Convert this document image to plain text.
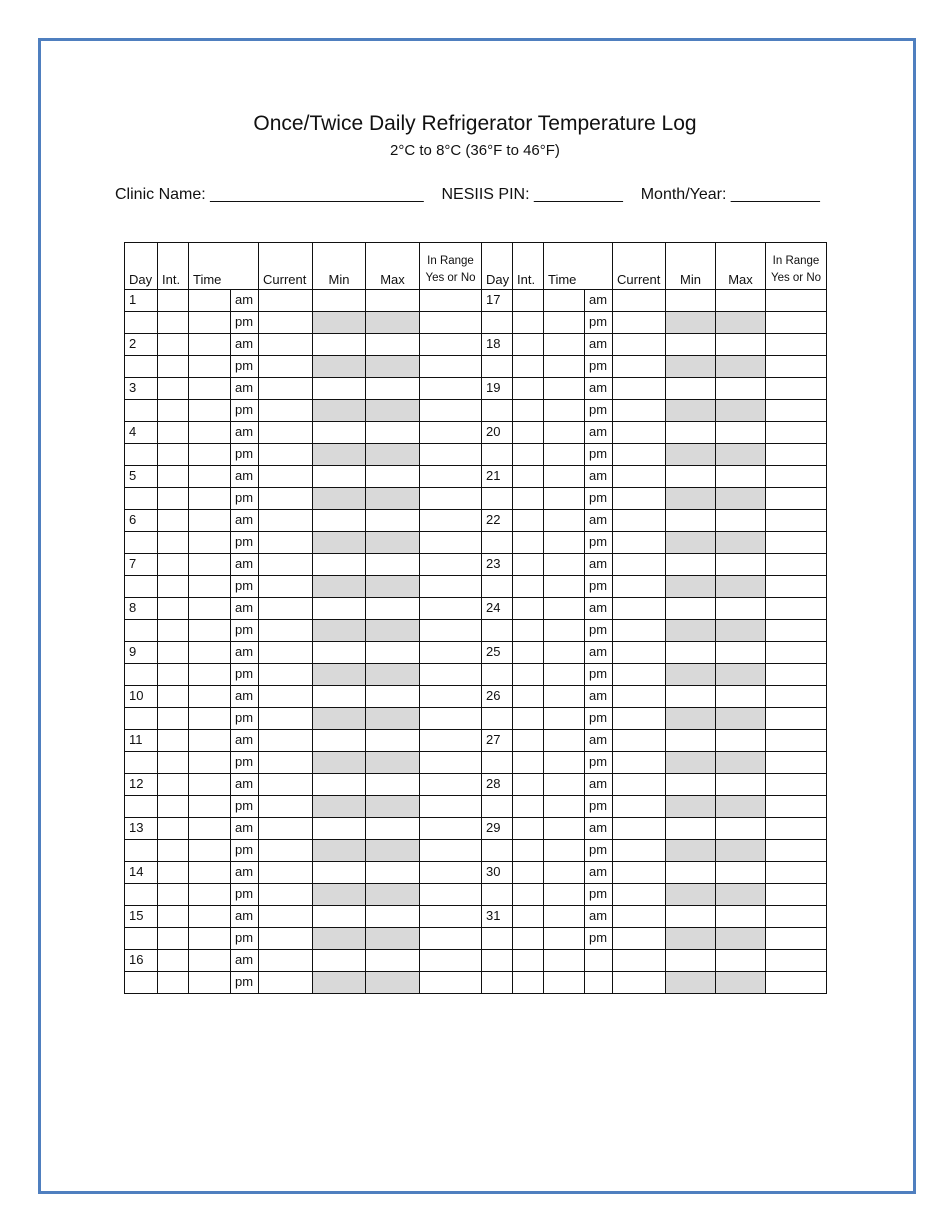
Once/Twice Daily Refrigerator Temperature Log
2°C to 8°C (36°F to 46°F)
Clinic Name: ________________________ NESIIS PIN: __________ Month/Year: __________
Day	Int.	Time		Current	Min	Max	In Range Yes or No	Day	Int.	Time		Current	Min	Max	In Range Yes or No
1			am					17			am				
			pm								pm				
2			am					18			am				
			pm								pm				
3			am					19			am				
			pm								pm				
4			am					20			am				
			pm								pm				
5			am					21			am				
			pm								pm				
6			am					22			am				
			pm								pm				
7			am					23			am				
			pm								pm				
8			am					24			am				
			pm								pm				
9			am					25			am				
			pm								pm				
10			am					26			am				
			pm								pm				
11			am					27			am				
			pm								pm				
12			am					28			am				
			pm								pm				
13			am					29			am				
			pm								pm				
14			am					30			am				
			pm								pm				
15			am					31			am				
			pm								pm				
16			am												
			pm												
